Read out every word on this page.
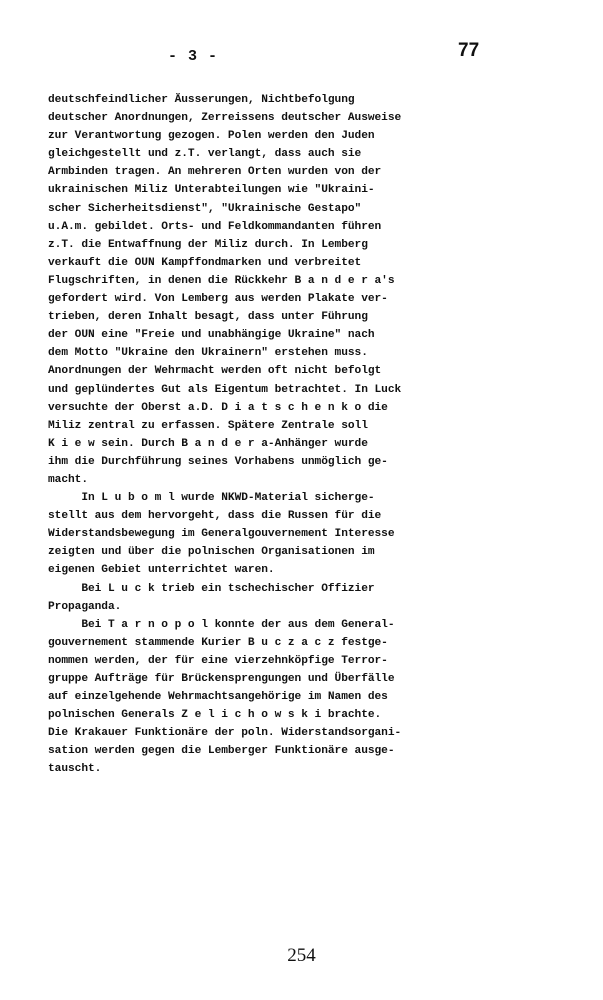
- 3 -	77
deutschfeindlicher Äusserungen, Nichtbefolgung
deutscher Anordnungen, Zerreissens deutscher Ausweise
zur Verantwortung gezogen. Polen werden den Juden
gleichgestellt und z.T. verlangt, dass auch sie
Armbinden tragen. An mehreren Orten wurden von der
ukrainischen Miliz Unterabteilungen wie "Ukraini-
scher Sicherheitsdienst", "Ukrainische Gestapo"
u.A.m. gebildet. Orts- und Feldkommandanten führen
z.T. die Entwaffnung der Miliz durch. In Lemberg
verkauft die OUN Kampffondmarken und verbreitet
Flugschriften, in denen die Rückkehr B a n d e r a's
gefordert wird. Von Lemberg aus werden Plakate ver-
trieben, deren Inhalt besagt, dass unter Führung
der OUN eine "Freie und unabhängige Ukraine" nach
dem Motto "Ukraine den Ukrainern" erstehen muss.
Anordnungen der Wehrmacht werden oft nicht befolgt
und geplündertes Gut als Eigentum betrachtet. In Luck
versuchte der Oberst a.D. D i a t s c h e n k o die
Miliz zentral zu erfassen. Spätere Zentrale soll
K i e w sein. Durch B a n d e r a-Anhänger wurde
ihm die Durchführung seines Vorhabens unmöglich ge-
macht.
In L u b o m l wurde NKWD-Material sicherge-
stellt aus dem hervorgeht, dass die Russen für die
Widerstandsbewegung im Generalgouvernement Interesse
zeigten und über die polnischen Organisationen im
eigenen Gebiet unterrichtet waren.
Bei L u c k trieb ein tschechischer Offizier
Propaganda.
Bei T a r n o p o l konnte der aus dem General-
gouvernement stammende Kurier B u c z a c z festge-
nommen werden, der für eine vierzehnköpfige Terror-
gruppe Aufträge für Brückensprengungen und Überfälle
auf einzelgehende Wehrmachtsangehörige im Namen des
polnischen Generals Z e l i c h o w s k i brachte.
Die Krakauer Funktionäre der poln. Widerstandsorgani-
sation werden gegen die Lemberger Funktionäre ausge-
tauscht.
254
